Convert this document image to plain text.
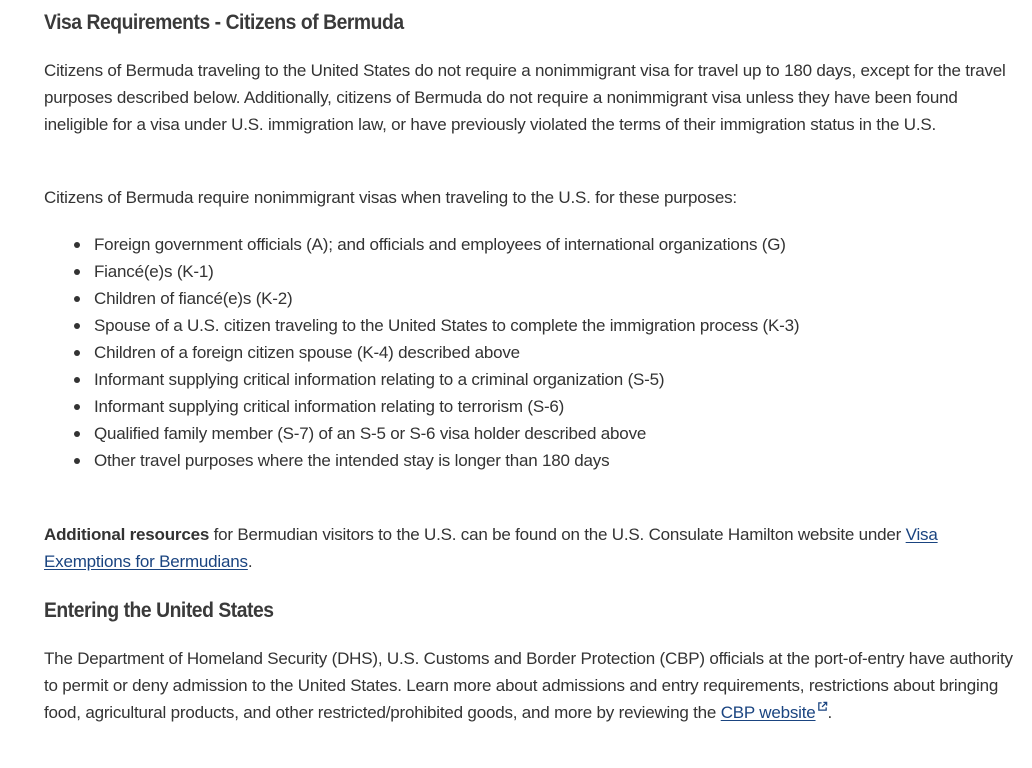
Visa Requirements - Citizens of Bermuda

Citizens of Bermuda traveling to the United States do not require a nonimmigrant visa for travel up to 180 days, except for the travel purposes described below. Additionally, citizens of Bermuda do not require a nonimmigrant visa unless they have been found ineligible for a visa under U.S. immigration law, or have previously violated the terms of their immigration status in the U.S.

Citizens of Bermuda require nonimmigrant visas when traveling to the U.S. for these purposes:

Foreign government officials (A); and officials and employees of international organizations (G)
Fiancé(e)s (K-1)
Children of fiancé(e)s (K-2)
Spouse of a U.S. citizen traveling to the United States to complete the immigration process (K-3)
Children of a foreign citizen spouse (K-4) described above
Informant supplying critical information relating to a criminal organization (S-5)
Informant supplying critical information relating to terrorism (S-6)
Qualified family member (S-7) of an S-5 or S-6 visa holder described above
Other travel purposes where the intended stay is longer than 180 days

Additional resources for Bermudian visitors to the U.S. can be found on the U.S. Consulate Hamilton website under Visa Exemptions for Bermudians.

Entering the United States

The Department of Homeland Security (DHS), U.S. Customs and Border Protection (CBP) officials at the port-of-entry have authority to permit or deny admission to the United States. Learn more about admissions and entry requirements, restrictions about bringing food, agricultural products, and other restricted/prohibited goods, and more by reviewing the CBP website .
